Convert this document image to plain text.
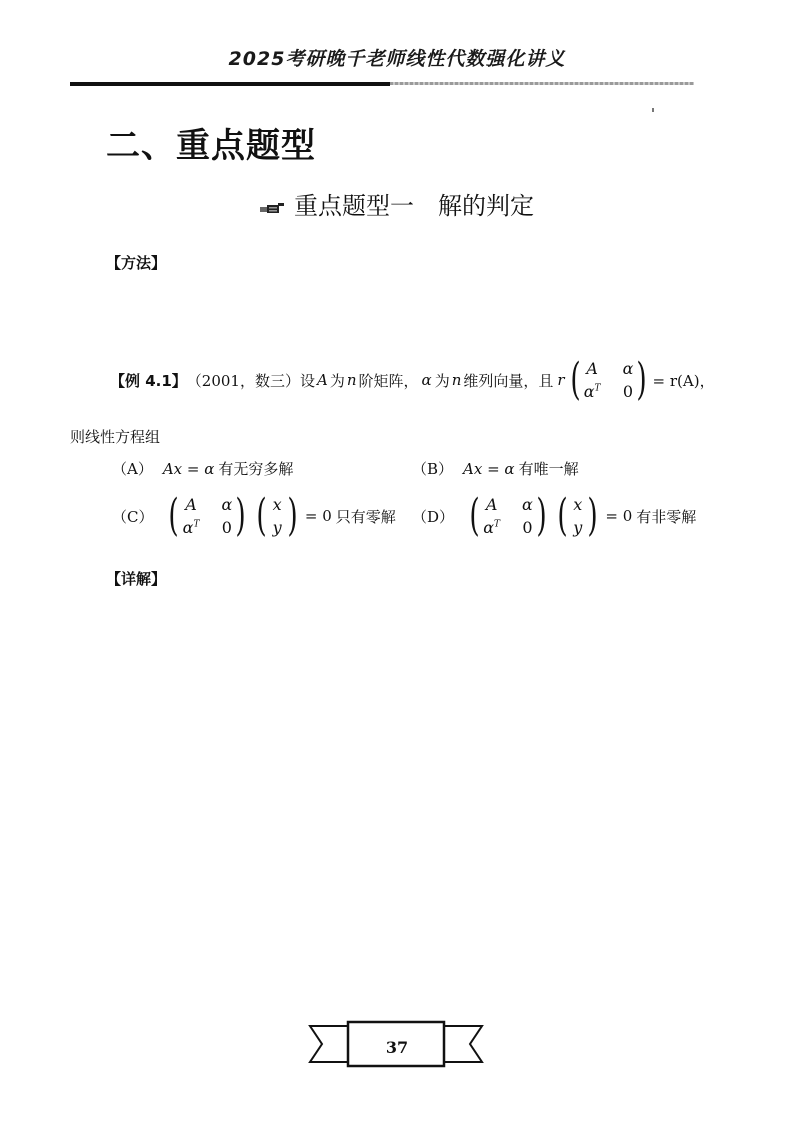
2025考研晚千老师线性代数强化讲义
二、重点题型
重点题型一　解的判定
【方法】
【例 4.1】 （2001，数三） 设 A 为 n 阶矩阵， α 为 n 维列向量，且 r ( A α
$\alpha^T$ 0 ) = r(A)，
则线性方程组
（A） Ax = α 有无穷多解	（B） Ax = α 有唯一解
（C） ( A α
$\alpha^T$ 0 ) ( x
y ) = 0 只有零解 （D） ( A α
$\alpha^T$ 0 ) ( x
y ) = 0 有非零解
【详解】
37
